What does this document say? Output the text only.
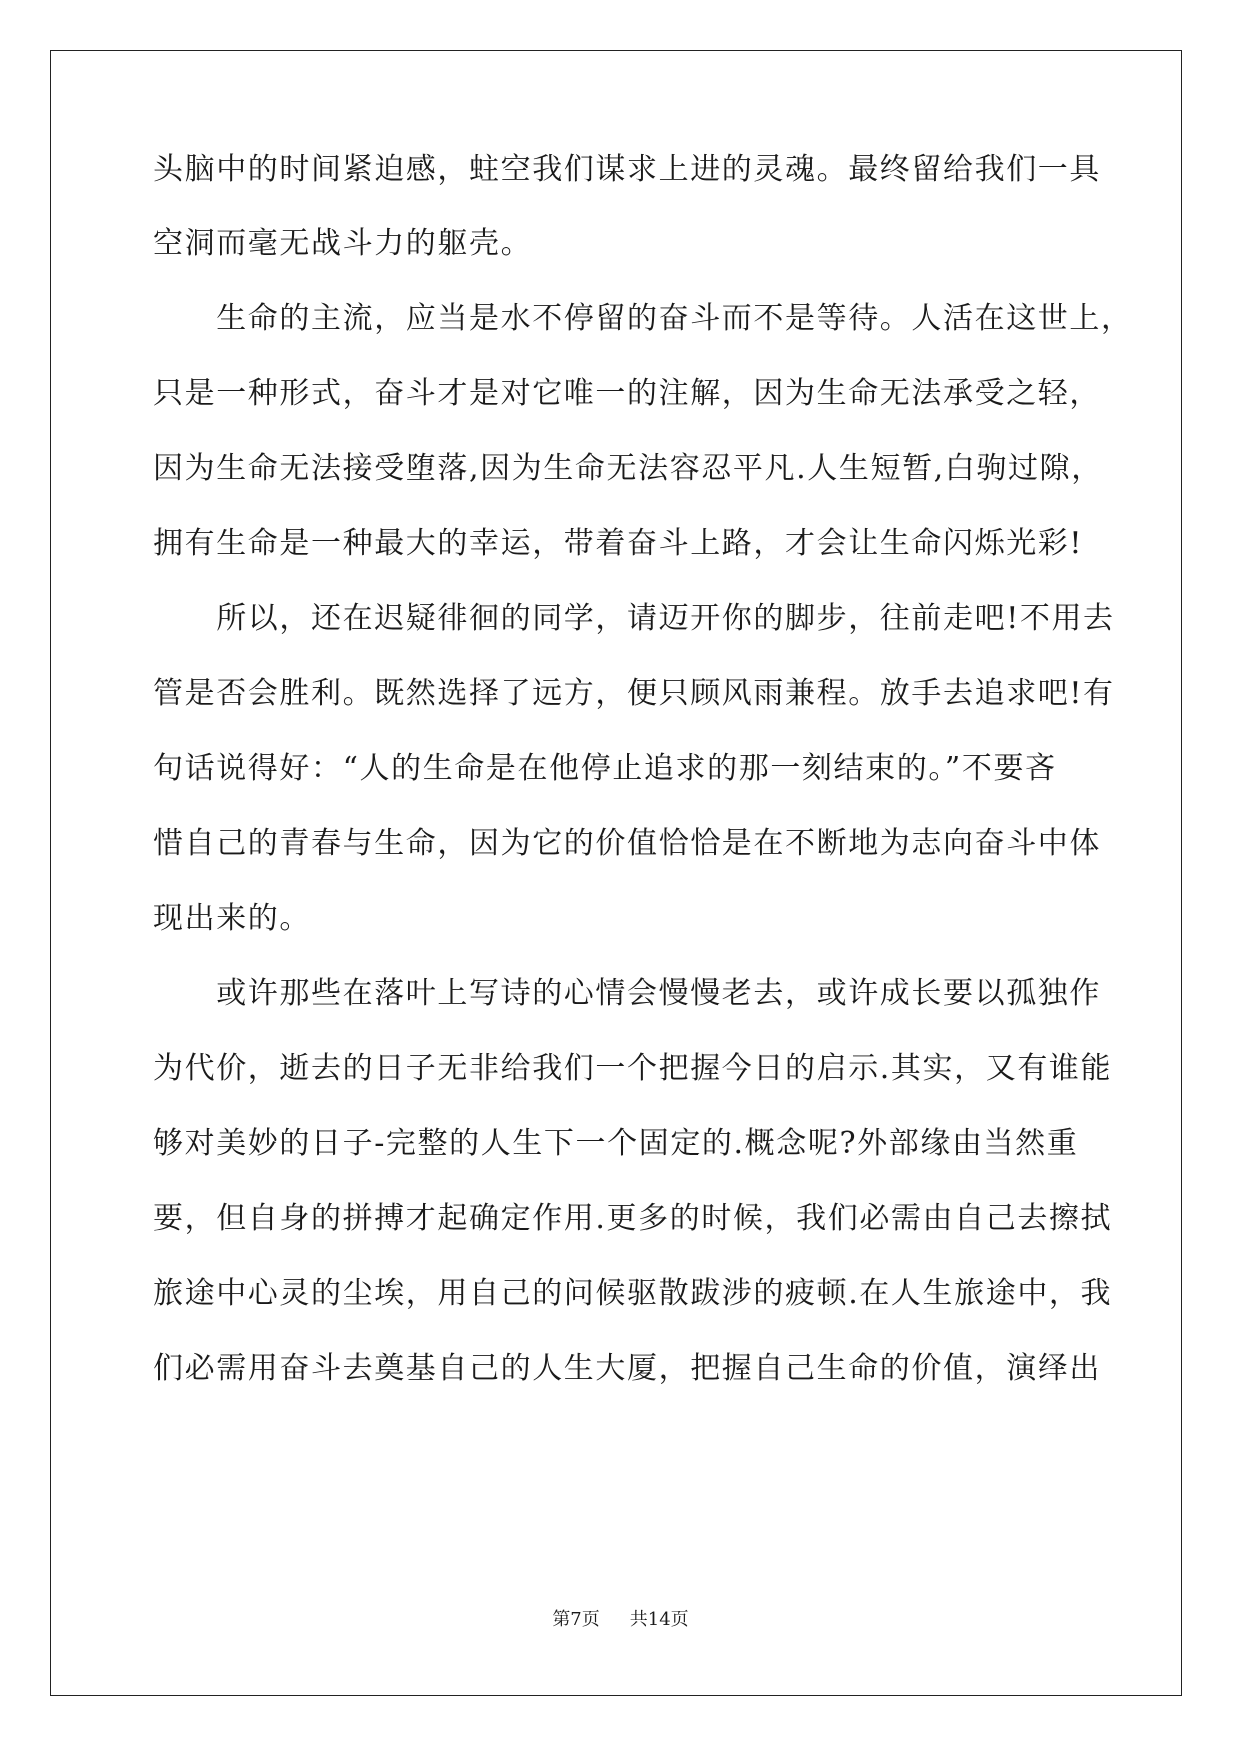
头脑中的时间紧迫感，蛀空我们谋求上进的灵魂。最终留给我们一具

空洞而毫无战斗力的躯壳。

　　生命的主流，应当是水不停留的奋斗而不是等待。人活在这世上，

只是一种形式，奋斗才是对它唯一的注解，因为生命无法承受之轻，

因为生命无法接受堕落,因为生命无法容忍平凡.人生短暂,白驹过隙，

拥有生命是一种最大的幸运，带着奋斗上路，才会让生命闪烁光彩!

　　所以，还在迟疑徘徊的同学，请迈开你的脚步，往前走吧!不用去

管是否会胜利。既然选择了远方，便只顾风雨兼程。放手去追求吧!有

句话说得好：“人的生命是在他停止追求的那一刻结束的。”不要吝

惜自己的青春与生命，因为它的价值恰恰是在不断地为志向奋斗中体

现出来的。

　　或许那些在落叶上写诗的心情会慢慢老去，或许成长要以孤独作

为代价，逝去的日子无非给我们一个把握今日的启示.其实，又有谁能

够对美妙的日子-完整的人生下一个固定的.概念呢?外部缘由当然重

要，但自身的拼搏才起确定作用.更多的时候，我们必需由自己去擦拭

旅途中心灵的尘埃，用自己的问候驱散跋涉的疲顿.在人生旅途中，我

们必需用奋斗去奠基自己的人生大厦，把握自己生命的价值，演绎出

第7页 共14页
